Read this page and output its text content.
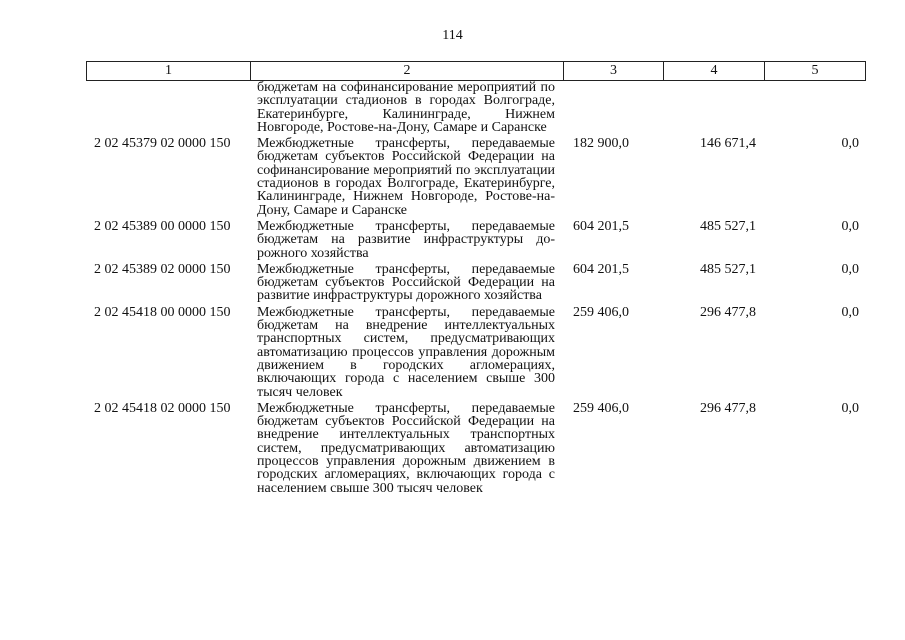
114
1	2	3	4	5
	бюджетам на софинансирование мероприятий по эксплуатации стадионов в городах Волгограде, Екатеринбурге, Калининграде, Нижнем Новгороде, Ростове-на-Дону, Самаре и Саранске			

2 02 45379 02 0000 150	Межбюджетные трансферты, передаваемые бюджетам субъектов Российской Федерации на софинансирование мероприятий по эксплуатации стадионов в городах Волгограде, Екатеринбурге, Калининграде, Нижнем Новгороде, Ростове-на-Дону, Самаре и Саранске	182 900,0	146 671,4	0,0

2 02 45389 00 0000 150	Межбюджетные трансферты, передаваемые бюджетам на развитие инфраструктуры дорожного хозяйства	604 201,5	485 527,1	0,0

2 02 45389 02 0000 150	Межбюджетные трансферты, передаваемые бюджетам субъектов Российской Федерации на развитие инфраструктуры дорожного хозяйства	604 201,5	485 527,1	0,0

2 02 45418 00 0000 150	Межбюджетные трансферты, передаваемые бюджетам на внедрение интеллектуальных транспортных систем, предусматривающих автоматизацию процессов управления дорожным движением в городских агломерациях, включающих города с населением свыше 300 тысяч человек	259 406,0	296 477,8	0,0

2 02 45418 02 0000 150	Межбюджетные трансферты, передаваемые бюджетам субъектов Российской Федерации на внедрение интеллектуальных транспортных систем, предусматривающих автоматизацию процессов управления дорожным движением в городских агломерациях, включающих города с населением свыше 300 тысяч человек	259 406,0	296 477,8	0,0
